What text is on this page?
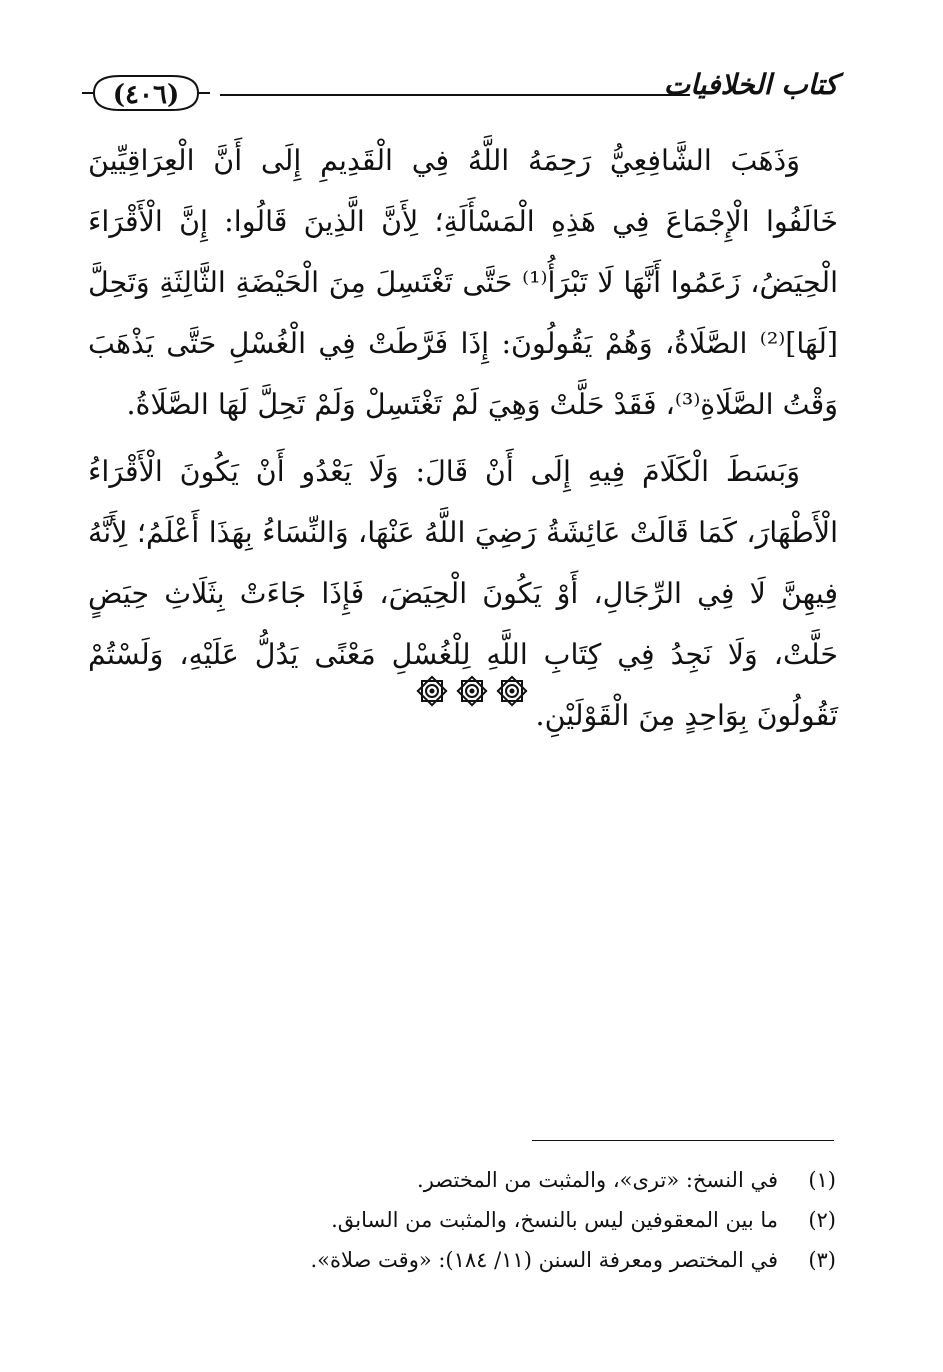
(٤٠٦)	كتاب الخلافيات

وَذَهَبَ الشَّافِعِيُّ رَحِمَهُ اللَّهُ فِي الْقَدِيمِ إِلَى أَنَّ الْعِرَاقِيِّينَ خَالَفُوا الْإِجْمَاعَ فِي هَذِهِ الْمَسْأَلَةِ؛ لِأَنَّ الَّذِينَ قَالُوا: إِنَّ الْأَقْرَاءَ الْحِيَضُ، زَعَمُوا أَنَّهَا لَا تَبْرَأُ⁽¹⁾ حَتَّى تَغْتَسِلَ مِنَ الْحَيْضَةِ الثَّالِثَةِ وَتَحِلَّ [لَهَا]⁽²⁾ الصَّلَاةُ، وَهُمْ يَقُولُونَ: إِذَا فَرَّطَتْ فِي الْغُسْلِ حَتَّى يَذْهَبَ وَقْتُ الصَّلَاةِ⁽³⁾، فَقَدْ حَلَّتْ وَهِيَ لَمْ تَغْتَسِلْ وَلَمْ تَحِلَّ لَهَا الصَّلَاةُ.

وَبَسَطَ الْكَلَامَ فِيهِ إِلَى أَنْ قَالَ: وَلَا يَعْدُو أَنْ يَكُونَ الْأَقْرَاءُ الْأَطْهَارَ، كَمَا قَالَتْ عَائِشَةُ رَضِيَ اللَّهُ عَنْهَا، وَالنِّسَاءُ بِهَذَا أَعْلَمُ؛ لِأَنَّهُ فِيهِنَّ لَا فِي الرِّجَالِ، أَوْ يَكُونَ الْحِيَضَ، فَإِذَا جَاءَتْ بِثَلَاثِ حِيَضٍ حَلَّتْ، وَلَا نَجِدُ فِي كِتَابِ اللَّهِ لِلْغُسْلِ مَعْنًى يَدُلُّ عَلَيْهِ، وَلَسْتُمْ تَقُولُونَ بِوَاحِدٍ مِنَ الْقَوْلَيْنِ.

(١)
في النسخ: «ترى»، والمثبت من المختصر.
(٢)
ما بين المعقوفين ليس بالنسخ، والمثبت من السابق.
(٣)
في المختصر ومعرفة السنن (١١/ ١٨٤): «وقت صلاة».
